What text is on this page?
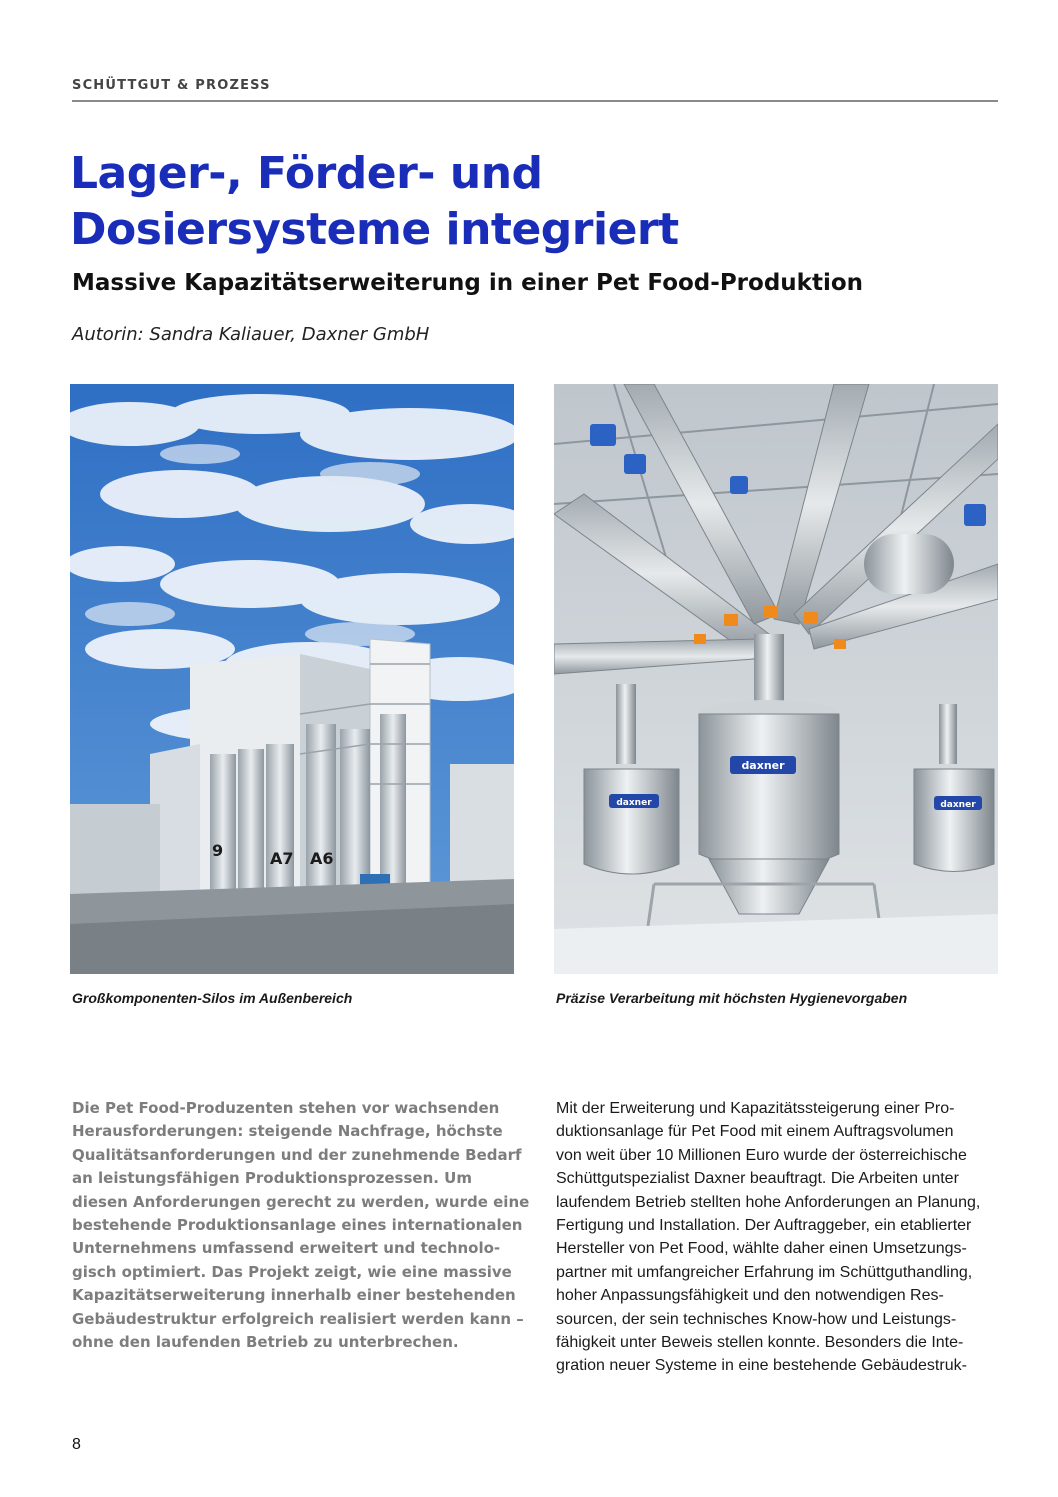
SCHÜTTGUT & PROZESS
Lager-, Förder- und
Dosiersysteme integriert
Massive Kapazitätserweiterung in einer Pet Food-Produktion
Autorin: Sandra Kaliauer, Daxner GmbH
9	A7 A6
daxner
daxner	daxner
Großkomponenten-Silos im Außenbereich	Präzise Verarbeitung mit höchsten Hygienevorgaben

Die Pet Food-Produzenten stehen vor wachsenden
Herausforderungen: steigende Nachfrage, höchste
Qualitätsanforderungen und der zunehmende Bedarf
an leistungsfähigen Produktionsprozessen. Um
diesen Anforderungen gerecht zu werden, wurde eine
bestehende Produktionsanlage eines internationalen
Unternehmens umfassend erweitert und technolo-
gisch optimiert. Das Projekt zeigt, wie eine massive
Kapazitätserweiterung innerhalb einer bestehenden
Gebäudestruktur erfolgreich realisiert werden kann –
ohne den laufenden Betrieb zu unterbrechen.

Mit der Erweiterung und Kapazitätssteigerung einer Pro-
duktionsanlage für Pet Food mit einem Auftragsvolumen
von weit über 10 Millionen Euro wurde der österreichische
Schüttgutspezialist Daxner beauftragt. Die Arbeiten unter
laufendem Betrieb stellten hohe Anforderungen an Planung,
Fertigung und Installation. Der Auftraggeber, ein etablierter
Hersteller von Pet Food, wählte daher einen Umsetzungs-
partner mit umfangreicher Erfahrung im Schüttguthandling,
hoher Anpassungsfähigkeit und den notwendigen Res-
sourcen, der sein technisches Know-how und Leistungs-
fähigkeit unter Beweis stellen konnte. Besonders die Inte-
gration neuer Systeme in eine bestehende Gebäudestruk-

8
